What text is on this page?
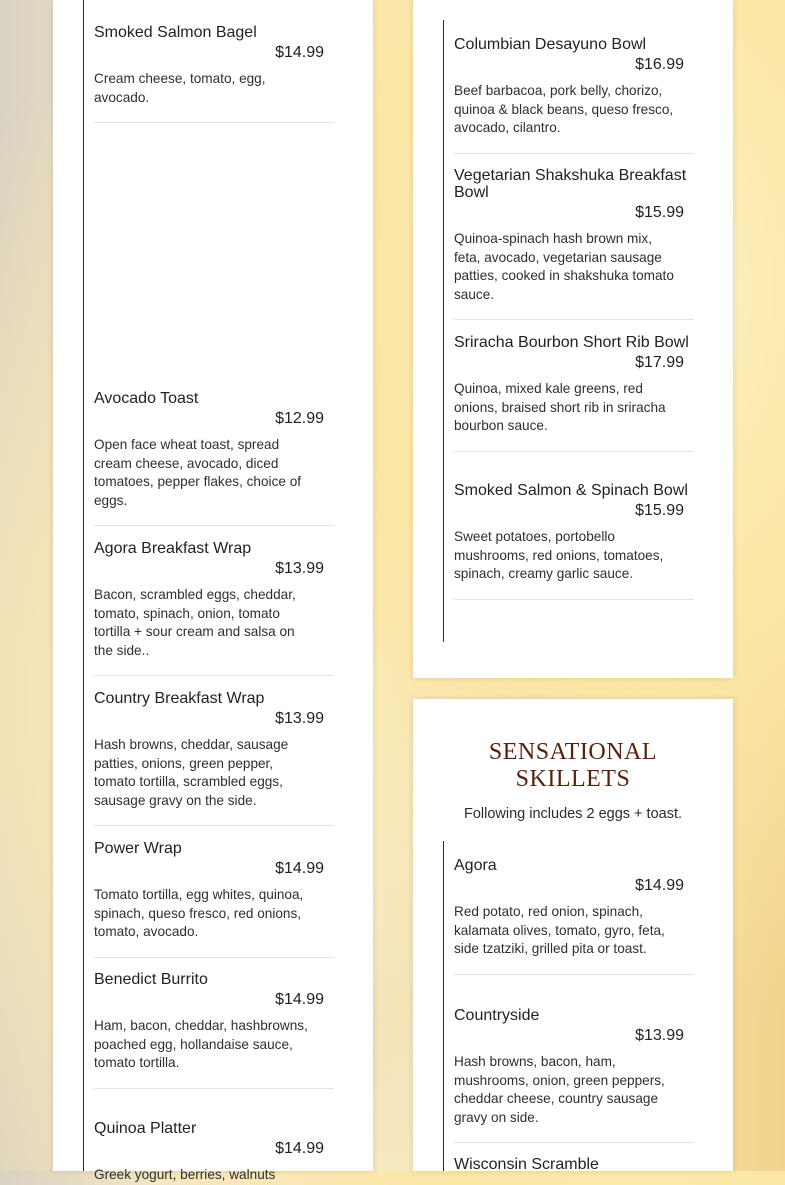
Smoked Salmon Bagel
$14.99
Cream cheese, tomato, egg, avocado.
Avocado Toast
$12.99
Open face wheat toast, spread cream cheese, avocado, diced tomatoes, pepper flakes, choice of eggs.
Agora Breakfast Wrap
$13.99
Bacon, scrambled eggs, cheddar, tomato, spinach, onion, tomato tortilla + sour cream and salsa on the side..
Country Breakfast Wrap
$13.99
Hash browns, cheddar, sausage patties, onions, green pepper, tomato tortilla, scrambled eggs, sausage gravy on the side.
Power Wrap
$14.99
Tomato tortilla, egg whites, quinoa, spinach, queso fresco, red onions, tomato, avocado.
Benedict Burrito
$14.99
Ham, bacon, cheddar, hashbrowns, poached egg, hollandaise sauce, tomato tortilla.
Quinoa Platter
$14.99
Greek yogurt, berries, walnuts
Columbian Desayuno Bowl
$16.99
Beef barbacoa, pork belly, chorizo, quinoa & black beans, queso fresco, avocado, cilantro.
Vegetarian Shakshuka Breakfast Bowl
$15.99
Quinoa-spinach hash brown mix, feta, avocado, vegetarian sausage patties, cooked in shakshuka tomato sauce.
Sriracha Bourbon Short Rib Bowl
$17.99
Quinoa, mixed kale greens, red onions, braised short rib in sriracha bourbon sauce.
Smoked Salmon & Spinach Bowl
$15.99
Sweet potatoes, portobello mushrooms, red onions, tomatoes, spinach, creamy garlic sauce.
SENSATIONAL
SKILLETS
Following includes 2 eggs + toast.
Agora
$14.99
Red potato, red onion, spinach, kalamata olives, tomato, gyro, feta, side tzatziki, grilled pita or toast.
Countryside
$13.99
Hash browns, bacon, ham, mushrooms, onion, green peppers, cheddar cheese, country sausage gravy on side.
Wisconsin Scramble
